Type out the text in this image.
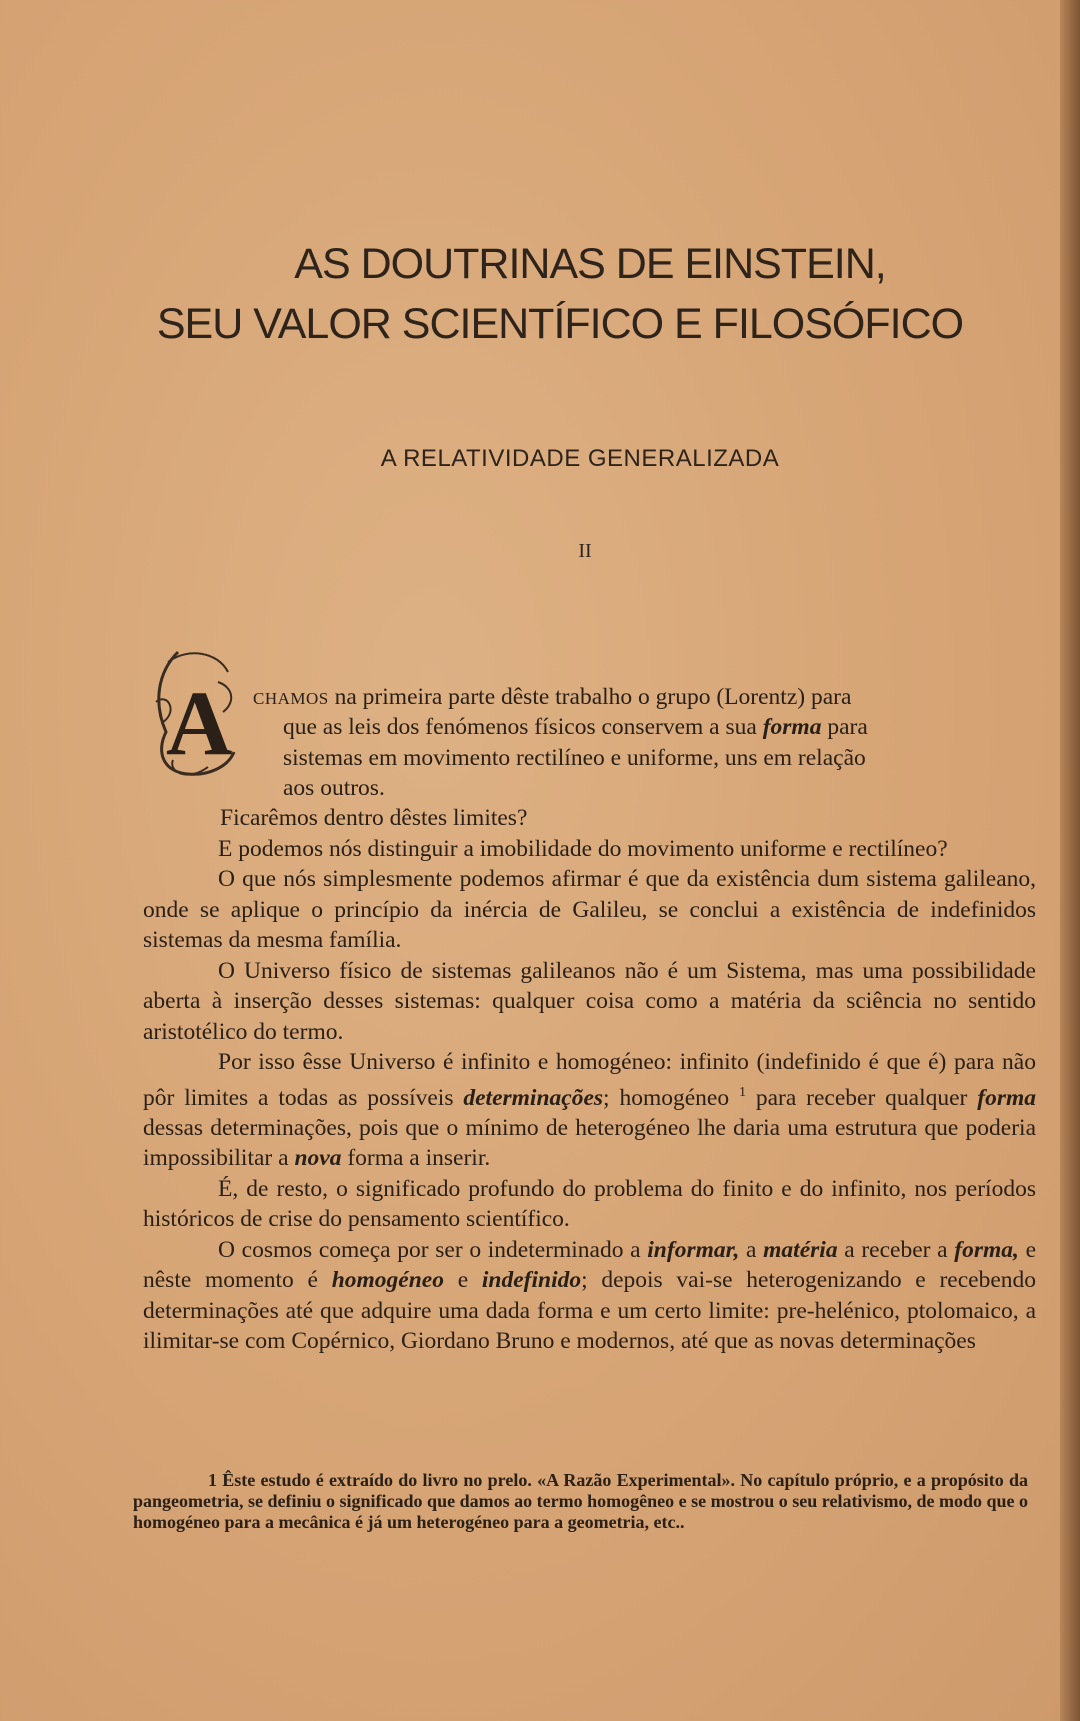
AS DOUTRINAS DE EINSTEIN,
SEU VALOR SCIENTÍFICO E FILOSÓFICO
A RELATIVIDADE GENERALIZADA
II
A CHAMOS na primeira parte dêste trabalho o grupo (Lorentz) para

que as leis dos fenómenos físicos conservem a sua forma para

sistemas em movimento rectilíneo e uniforme, uns em relação

aos outros.

Ficarêmos dentro dêstes limites?

E podemos nós distinguir a imobilidade do movimento uniforme e rectilíneo?

O que nós simplesmente podemos afirmar é que da existência dum sistema galileano, onde se aplique o princípio da inércia de Galileu, se conclui a existência de indefinidos sistemas da mesma família.

O Universo físico de sistemas galileanos não é um Sistema, mas uma possibilidade aberta à inserção desses sistemas: qualquer coisa como a matéria da sciência no sentido aristotélico do termo.

Por isso êsse Universo é infinito e homogéneo: infinito (indefinido é que é) para não pôr limites a todas as possíveis determinações; homogéneo $^1$ para receber qualquer forma dessas determinações, pois que o mínimo de heterogéneo lhe daria uma estrutura que poderia impossibilitar a nova forma a inserir.

É, de resto, o significado profundo do problema do finito e do infinito, nos períodos históricos de crise do pensamento scientífico.

O cosmos começa por ser o indeterminado a informar, a matéria a receber a forma, e nêste momento é homogéneo e indefinido; depois vai-se heterogenizando e recebendo determinações até que adquire uma dada forma e um certo limite: pre-helénico, ptolomaico, a ilimitar-se com Copérnico, Giordano Bruno e modernos, até que as novas determinações

1 Êste estudo é extraído do livro no prelo. «A Razão Experimental». No capítulo próprio, e a propósito da pangeometria, se definiu o significado que damos ao termo homogêneo e se mostrou o seu relativismo, de modo que o homogéneo para a mecânica é já um heterogéneo para a geometria, etc..
